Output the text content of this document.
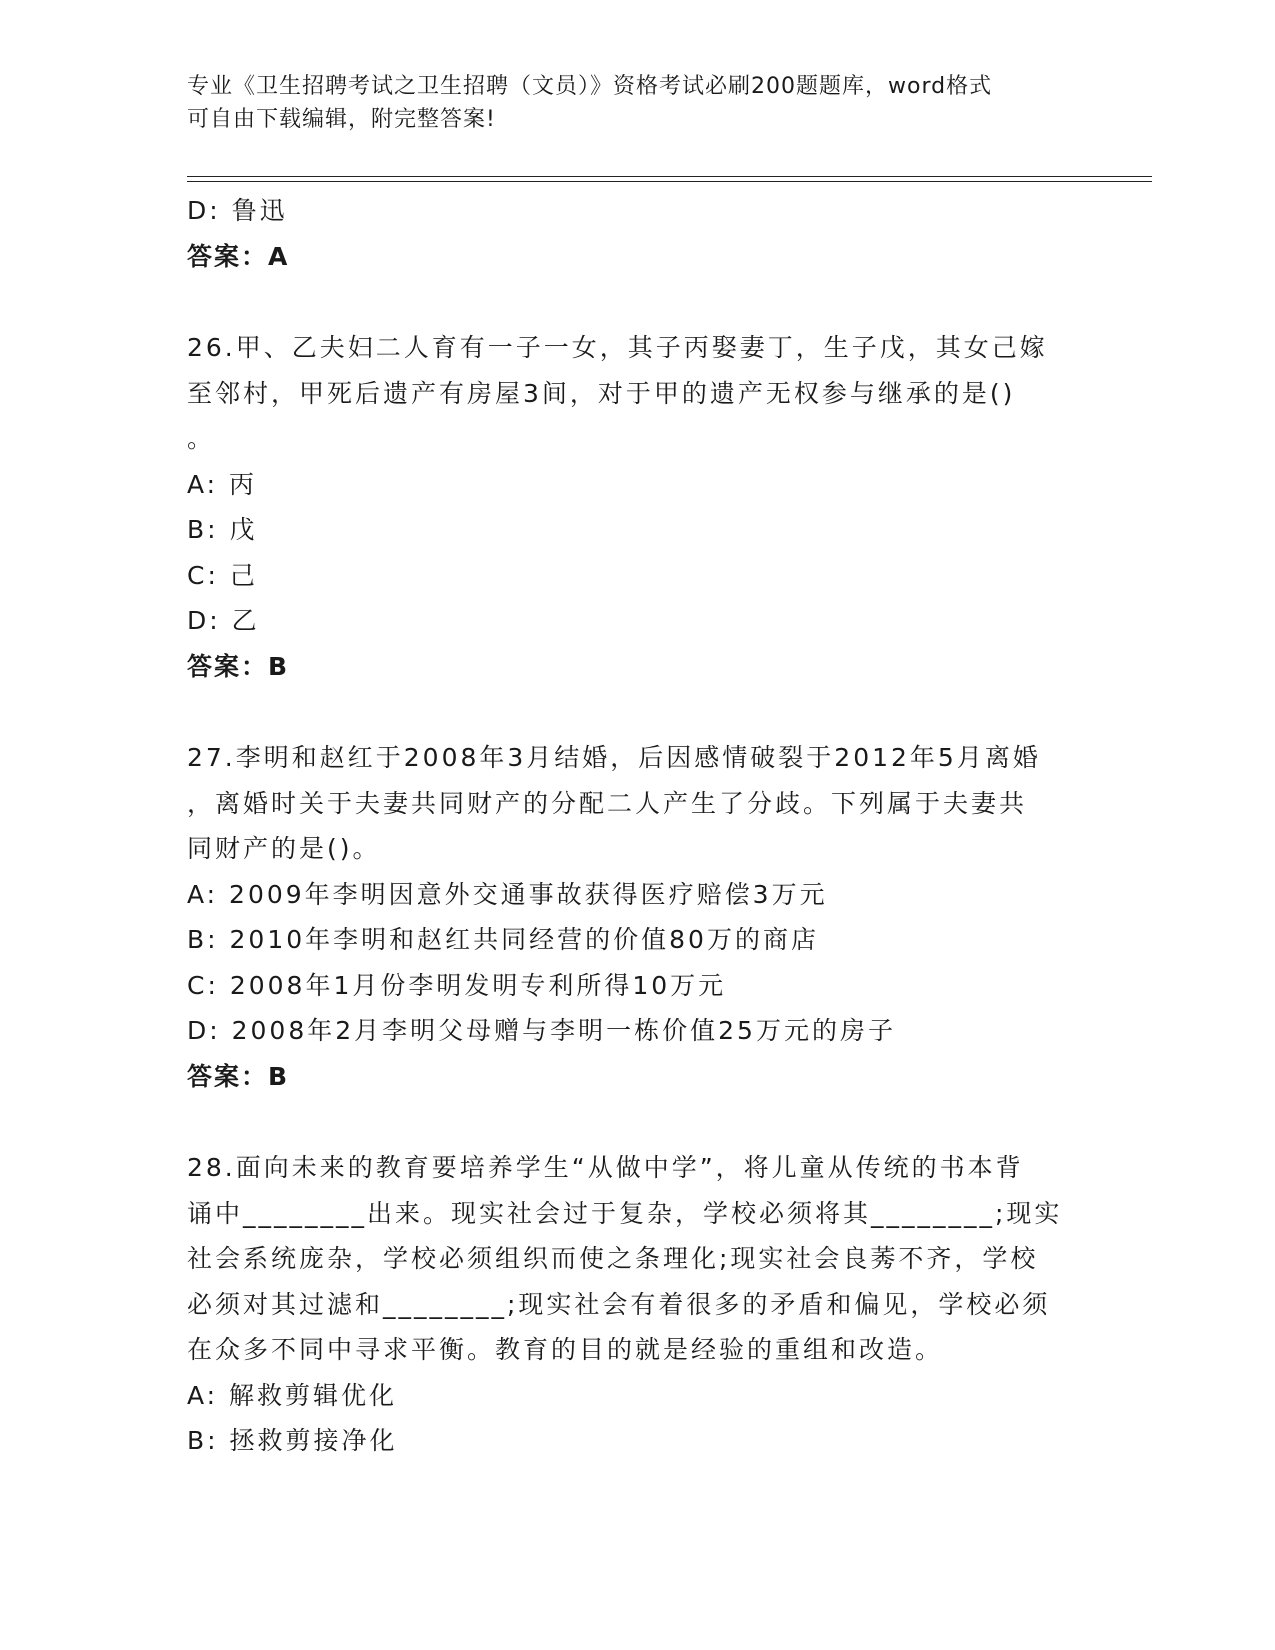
专业《卫生招聘考试之卫生招聘（文员）》资格考试必刷200题题库，word格式
可自由下载编辑，附完整答案!
D: 鲁迅
答案：A
26.甲、乙夫妇二人育有一子一女，其子丙娶妻丁，生子戊，其女己嫁
至邻村，甲死后遗产有房屋3间，对于甲的遗产无权参与继承的是()
。
A: 丙
B: 戊
C: 己
D: 乙
答案：B
27.李明和赵红于2008年3月结婚，后因感情破裂于2012年5月离婚
，离婚时关于夫妻共同财产的分配二人产生了分歧。下列属于夫妻共
同财产的是()。
A: 2009年李明因意外交通事故获得医疗赔偿3万元
B: 2010年李明和赵红共同经营的价值80万的商店
C: 2008年1月份李明发明专利所得10万元
D: 2008年2月李明父母赠与李明一栋价值25万元的房子
答案：B
28.面向未来的教育要培养学生“从做中学”，将儿童从传统的书本背
诵中________出来。现实社会过于复杂，学校必须将其________;现实
社会系统庞杂，学校必须组织而使之条理化;现实社会良莠不齐，学校
必须对其过滤和________;现实社会有着很多的矛盾和偏见，学校必须
在众多不同中寻求平衡。教育的目的就是经验的重组和改造。
A: 解救剪辑优化
B: 拯救剪接净化
